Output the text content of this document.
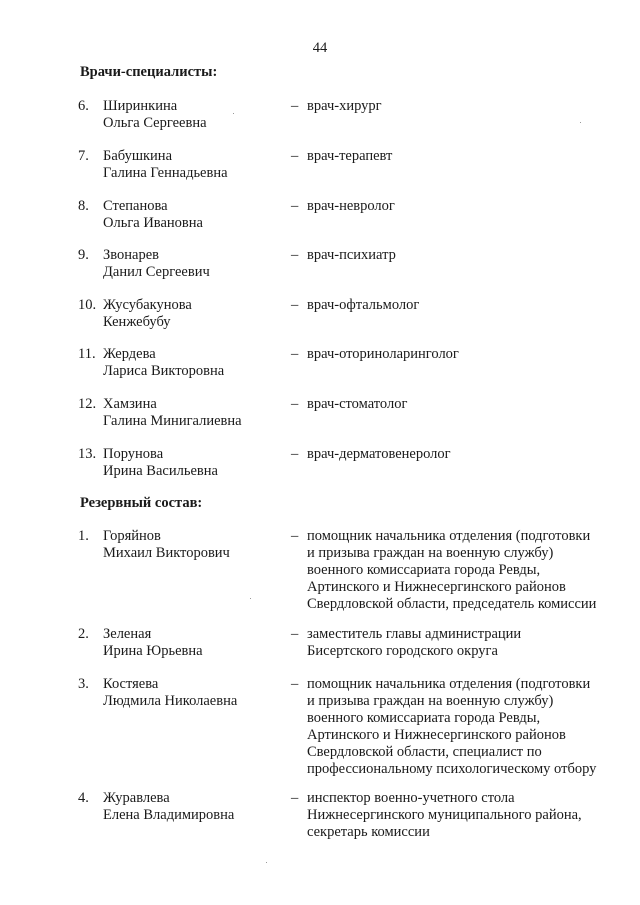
44
Врачи-специалисты:
6. Ширинкина
Ольга Сергеевна
– врач-хирург
7. Бабушкина
Галина Геннадьевна
– врач-терапевт
8. Степанова
Ольга Ивановна
– врач-невролог
9. Звонарев
Данил Сергеевич
– врач-психиатр
10. Жусубакунова
Кенжебубу
– врач-офтальмолог
11. Жердева
Лариса Викторовна
– врач-оториноларинголог
12. Хамзина
Галина Минигалиевна
– врач-стоматолог
13. Порунова
Ирина Васильевна
– врач-дерматовенеролог
Резервный состав:
1. Горяйнов
Михаил Викторович
– помощник начальника отделения (подготовки
и призыва граждан на военную службу)
военного комиссариата города Ревды,
Артинского и Нижнесергинского районов
Свердловской области, председатель комиссии
2. Зеленая
Ирина Юрьевна
– заместитель главы администрации
Бисертского городского округа
3. Костяева
Людмила Николаевна
– помощник начальника отделения (подготовки
и призыва граждан на военную службу)
военного комиссариата города Ревды,
Артинского и Нижнесергинского районов
Свердловской области, специалист по
профессиональному психологическому отбору
4. Журавлева
Елена Владимировна
– инспектор военно-учетного стола
Нижнесергинского муниципального района,
секретарь комиссии
